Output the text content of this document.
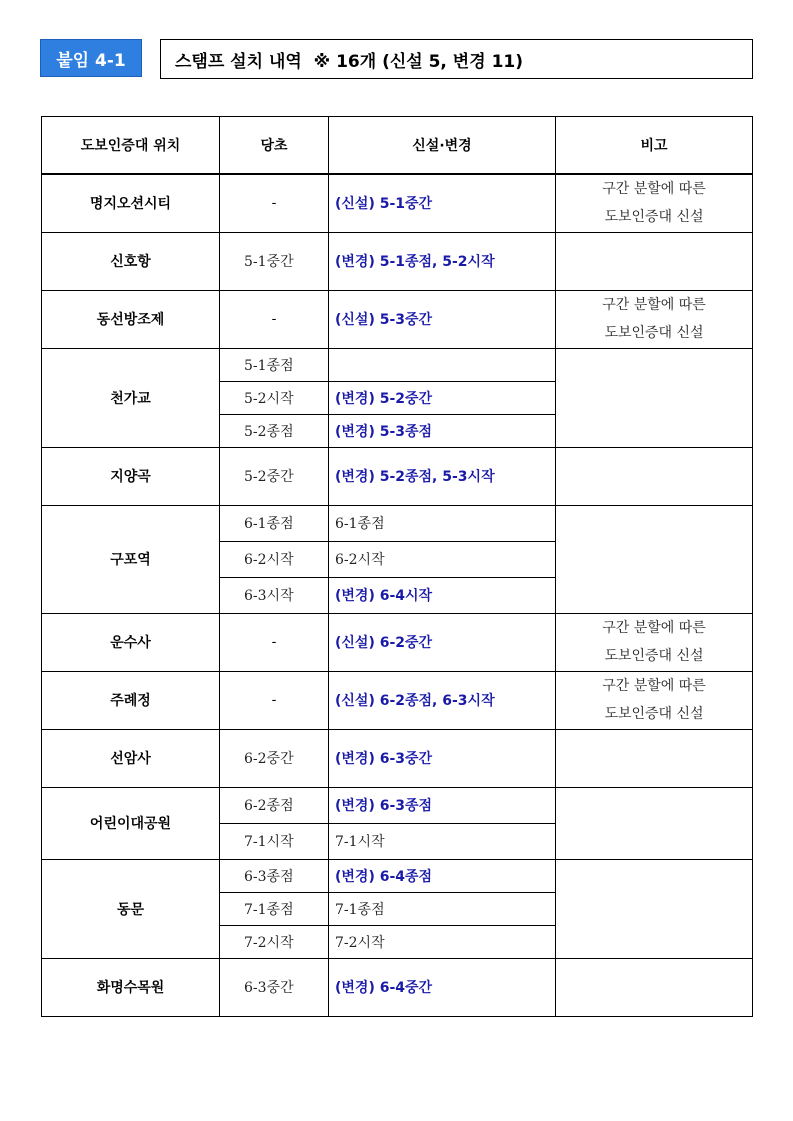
붙임 4-1	스탬프 설치 내역  ※ 16개 (신설 5, 변경 11)
도보인증대 위치	당초	신설·변경	비고
명지오션시티	-	(신설) 5-1중간	구간 분할에 따른
도보인증대 신설

신호항	5-1중간	(변경) 5-1종점, 5-2시작	
동선방조제	-	(신설) 5-3중간	구간 분할에 따른
도보인증대 신설

천가교	5-1종점		
	5-2시작	(변경) 5-2중간	
	5-2종점	(변경) 5-3종점	
지양곡	5-2중간	(변경) 5-2종점, 5-3시작	
구포역	6-1종점	6-1종점	
	6-2시작	6-2시작	
	6-3시작	(변경) 6-4시작	
운수사	-	(신설) 6-2중간	구간 분할에 따른
도보인증대 신설

주례정	-	(신설) 6-2종점, 6-3시작	구간 분할에 따른
도보인증대 신설

선암사	6-2중간	(변경) 6-3중간	
어린이대공원	6-2종점	(변경) 6-3종점	
	7-1시작	7-1시작	
동문	6-3종점	(변경) 6-4종점	
	7-1종점	7-1종점	
	7-2시작	7-2시작	
화명수목원	6-3중간	(변경) 6-4중간	
